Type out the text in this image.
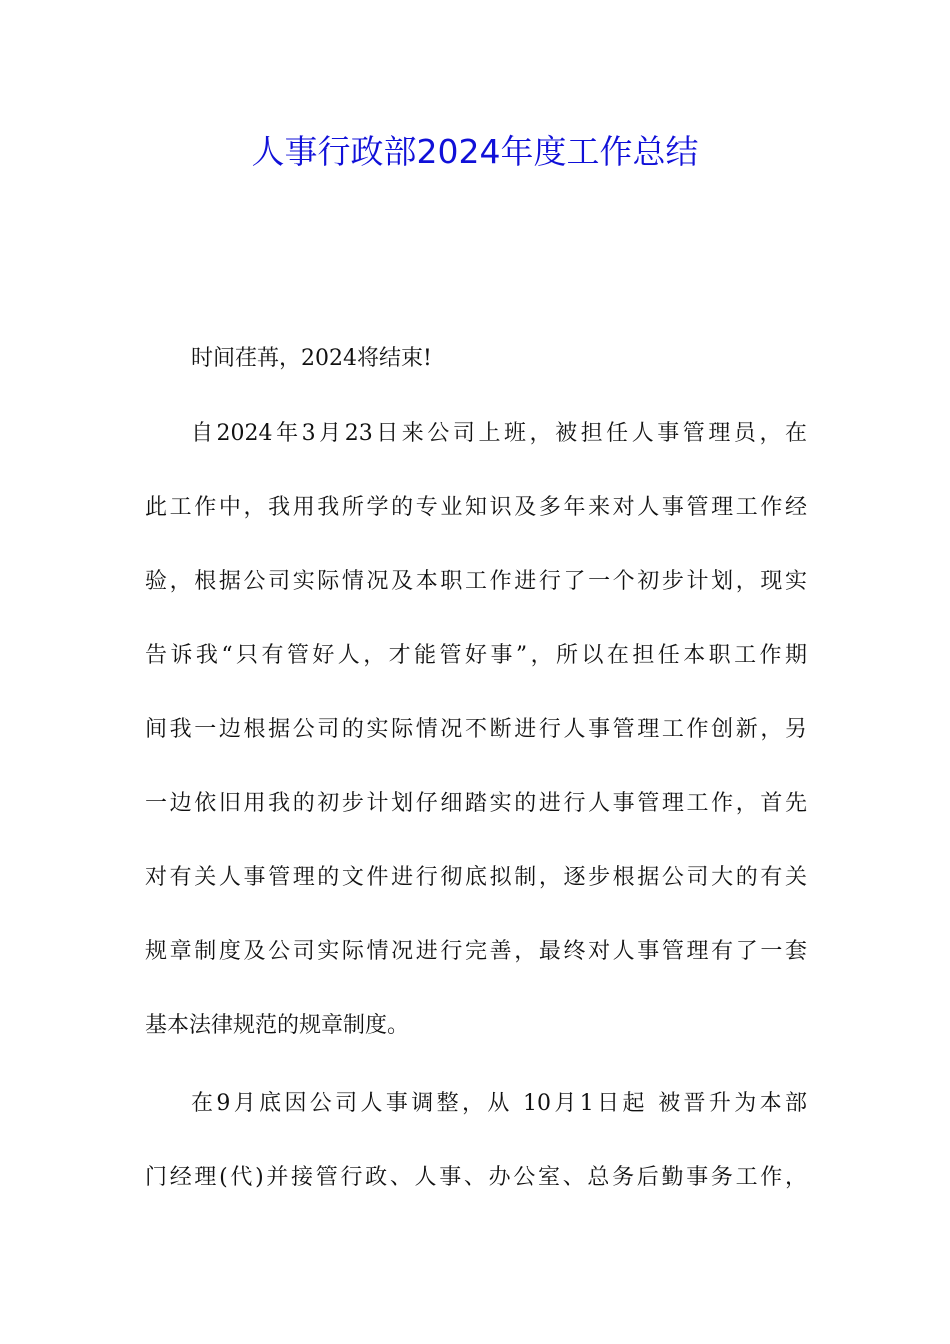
人事行政部2024年度工作总结
时间荏苒，2024将结束!
自2024年3月23日来公司上班，被担任人事管理员，在
此工作中，我用我所学的专业知识及多年来对人事管理工作经
验，根据公司实际情况及本职工作进行了一个初步计划，现实
告诉我“只有管好人，才能管好事”，所以在担任本职工作期
间我一边根据公司的实际情况不断进行人事管理工作创新，另
一边依旧用我的初步计划仔细踏实的进行人事管理工作，首先
对有关人事管理的文件进行彻底拟制，逐步根据公司大的有关
规章制度及公司实际情况进行完善，最终对人事管理有了一套
基本法律规范的规章制度。
在9月底因公司人事调整，从 10月1日起 被晋升为本部
门经理(代)并接管行政、人事、办公室、总务后勤事务工作，
